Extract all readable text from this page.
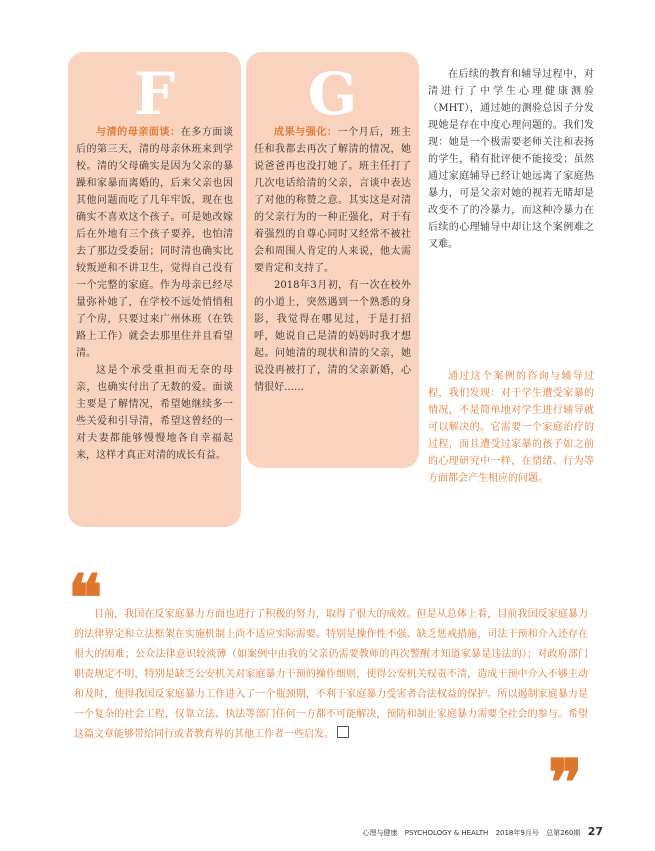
F

与清的母亲面谈：在多方面谈后的第三天，清的母亲休班来到学校。清的父母确实是因为父亲的暴躁和家暴而离婚的，后来父亲也因其他问题而吃了几年牢饭，现在也确实不喜欢这个孩子。可是她改嫁后在外地有三个孩子要养，也怕清去了那边受委屈；同时清也确实比较叛逆和不讲卫生，觉得自己没有一个完整的家庭。作为母亲已经尽量弥补她了，在学校不远处悄悄租了个房，只要过来广州休班（在铁路上工作）就会去那里住并且看望清。

这是个承受重担而无奈的母亲，也确实付出了无数的爱。面谈主要是了解情况，希望她继续多一些关爱和引导清，希望这曾经的一对夫妻都能够慢慢地各自幸福起来，这样才真正对清的成长有益。

G

成果与强化：一个月后，班主任和我都去再次了解清的情况，她说爸爸再也没打她了。班主任打了几次电话给清的父亲，言谈中表达了对他的称赞之意。其实这是对清的父亲行为的一种正强化，对于有着强烈的自尊心同时又经常不被社会和周围人肯定的人来说，他太需要肯定和支持了。

2018年3月初，有一次在校外的小道上，突然遇到一个熟悉的身影，我觉得在哪见过，于是打招呼，她说自己是清的妈妈时我才想起。问她清的现状和清的父亲，她说没再被打了，清的父亲新婚，心情很好……

在后续的教育和辅导过程中，对清进行了中学生心理健康测验（MHT），通过她的测验总因子分发现她是存在中度心理问题的。我们发现：她是一个极需要老师关注和表扬的学生，稍有批评便不能接受；虽然通过家庭辅导已经让她远离了家庭热暴力，可是父亲对她的视若无睹却是改变不了的冷暴力，而这种冷暴力在后续的心理辅导中却让这个案例难之又难。

通过这个案例的咨询与辅导过程，我们发现：对于学生遭受家暴的情况，不是简单地对学生进行辅导就可以解决的。它需要一个家庭治疗的过程，而且遭受过家暴的孩子如之前的心理研究中一样，在情绪、行为等方面都会产生相应的问题。

❝

目前，我国在反家庭暴力方面也进行了积极的努力，取得了很大的成效。但是从总体上看，目前我国反家庭暴力的法律界定和立法框架在实施机制上尚不适应实际需要。特别是操作性不强、缺乏惩戒措施，司法干预和介入还存在很大的困难；公众法律意识较淡薄（如案例中由我的父亲仍需要教师的再次警醒才知道家暴是违法的）；对政府部门职责规定不明，特别是缺乏公安机关对家庭暴力干预的操作细则，使得公安机关权责不清，造成干预中介入不够主动和及时，使得我国反家庭暴力工作进入了一个瓶颈期，不利于家庭暴力受害者合法权益的保护。所以遏制家庭暴力是一个复杂的社会工程，仅靠立法、执法等部门任何一方都不可能解决，预防和制止家庭暴力需要全社会的参与。希望这篇文章能够带给同行或者教育界的其他工作者一些启发。

❞
心理与健康 PSYCHOLOGY & HEALTH 2018年9月号 总第260期 27
